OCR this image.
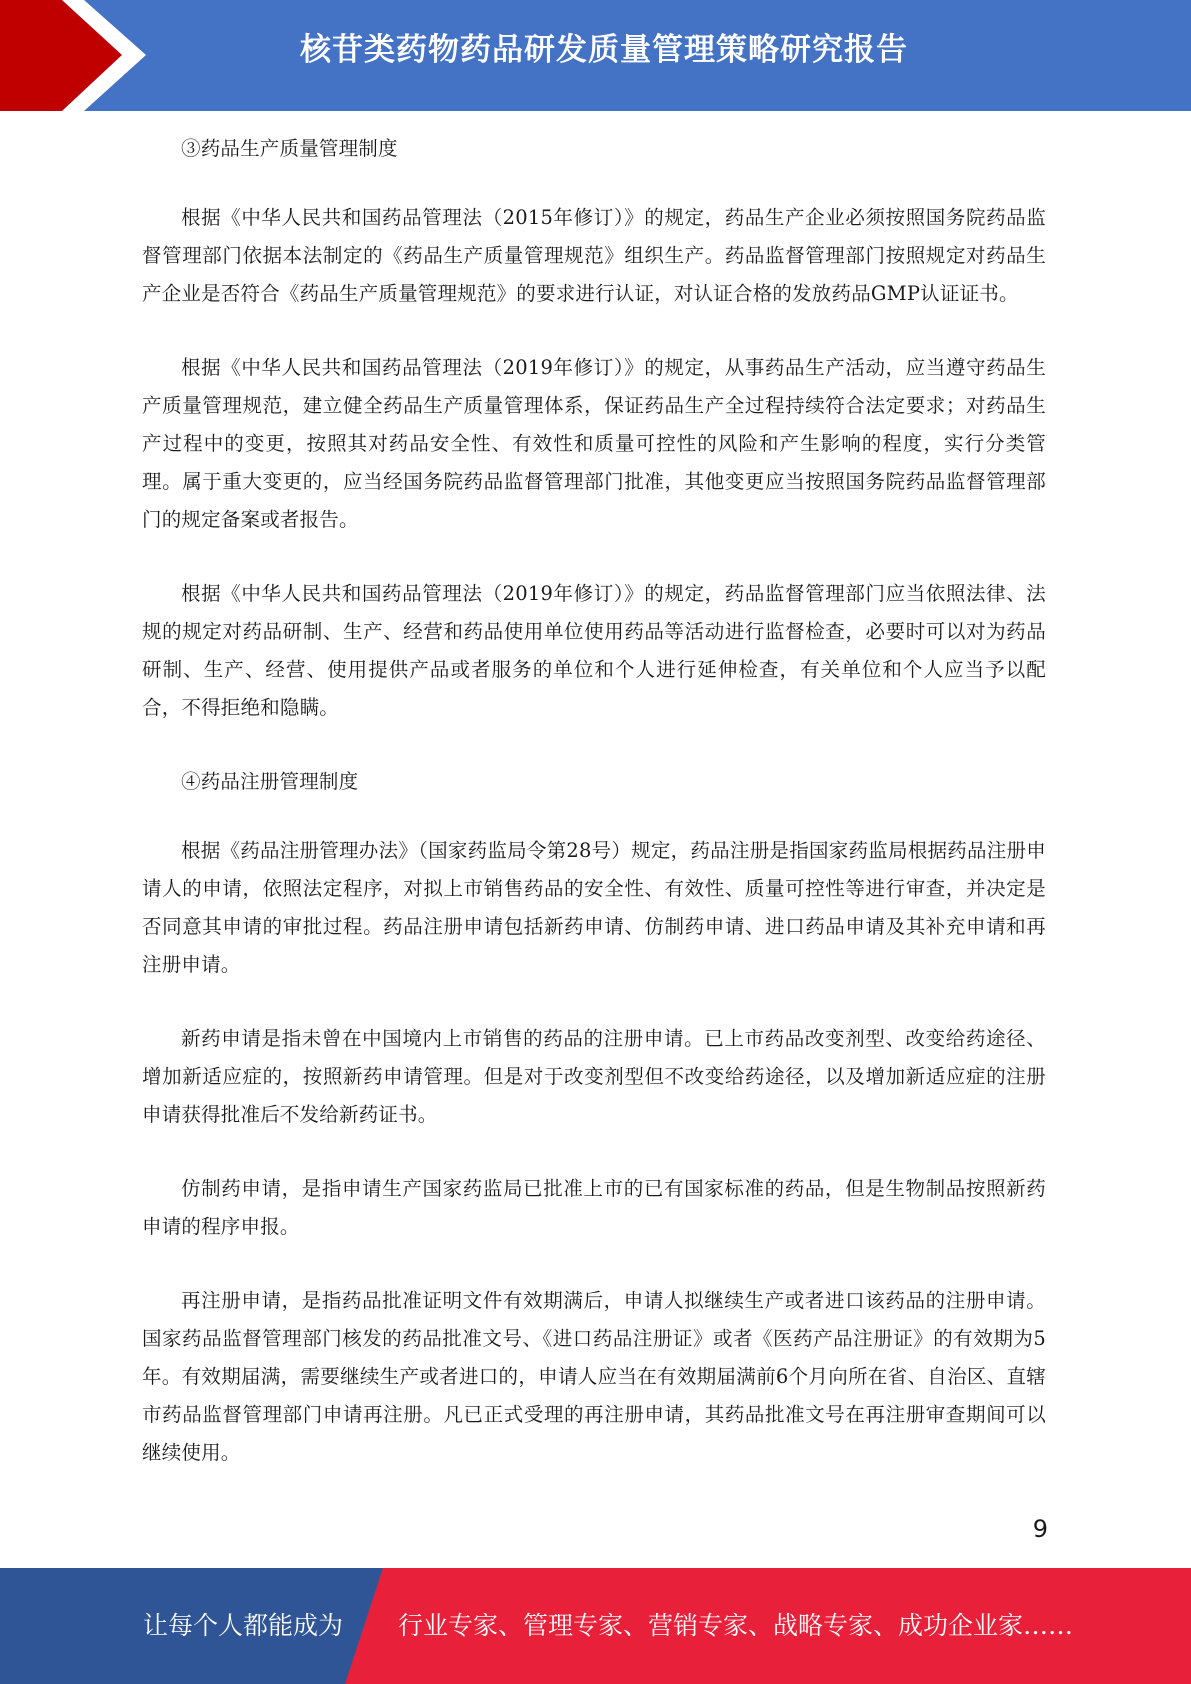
核苷类药物药品研发质量管理策略研究报告

③药品生产质量管理制度

根据《中华人民共和国药品管理法（2015年修订）》的规定，药品生产企业必须按照国务院药品监督管理部门依据本法制定的《药品生产质量管理规范》组织生产。药品监督管理部门按照规定对药品生产企业是否符合《药品生产质量管理规范》的要求进行认证，对认证合格的发放药品GMP认证证书。

根据《中华人民共和国药品管理法（2019年修订）》的规定，从事药品生产活动，应当遵守药品生产质量管理规范，建立健全药品生产质量管理体系，保证药品生产全过程持续符合法定要求；对药品生产过程中的变更，按照其对药品安全性、有效性和质量可控性的风险和产生影响的程度，实行分类管理。属于重大变更的，应当经国务院药品监督管理部门批准，其他变更应当按照国务院药品监督管理部门的规定备案或者报告。

根据《中华人民共和国药品管理法（2019年修订）》的规定，药品监督管理部门应当依照法律、法规的规定对药品研制、生产、经营和药品使用单位使用药品等活动进行监督检查，必要时可以对为药品研制、生产、经营、使用提供产品或者服务的单位和个人进行延伸检查，有关单位和个人应当予以配合，不得拒绝和隐瞒。

④药品注册管理制度

根据《药品注册管理办法》（国家药监局令第28号）规定，药品注册是指国家药监局根据药品注册申请人的申请，依照法定程序，对拟上市销售药品的安全性、有效性、质量可控性等进行审查，并决定是否同意其申请的审批过程。药品注册申请包括新药申请、仿制药申请、进口药品申请及其补充申请和再注册申请。

新药申请是指未曾在中国境内上市销售的药品的注册申请。已上市药品改变剂型、改变给药途径、增加新适应症的，按照新药申请管理。但是对于改变剂型但不改变给药途径，以及增加新适应症的注册申请获得批准后不发给新药证书。

仿制药申请，是指申请生产国家药监局已批准上市的已有国家标准的药品，但是生物制品按照新药申请的程序申报。

再注册申请，是指药品批准证明文件有效期满后，申请人拟继续生产或者进口该药品的注册申请。国家药品监督管理部门核发的药品批准文号、《进口药品注册证》或者《医药产品注册证》的有效期为5年。有效期届满，需要继续生产或者进口的，申请人应当在有效期届满前6个月向所在省、自治区、直辖市药品监督管理部门申请再注册。凡已正式受理的再注册申请，其药品批准文号在再注册审查期间可以继续使用。

9
让每个人都能成为 行业专家、管理专家、营销专家、战略专家、成功企业家……
